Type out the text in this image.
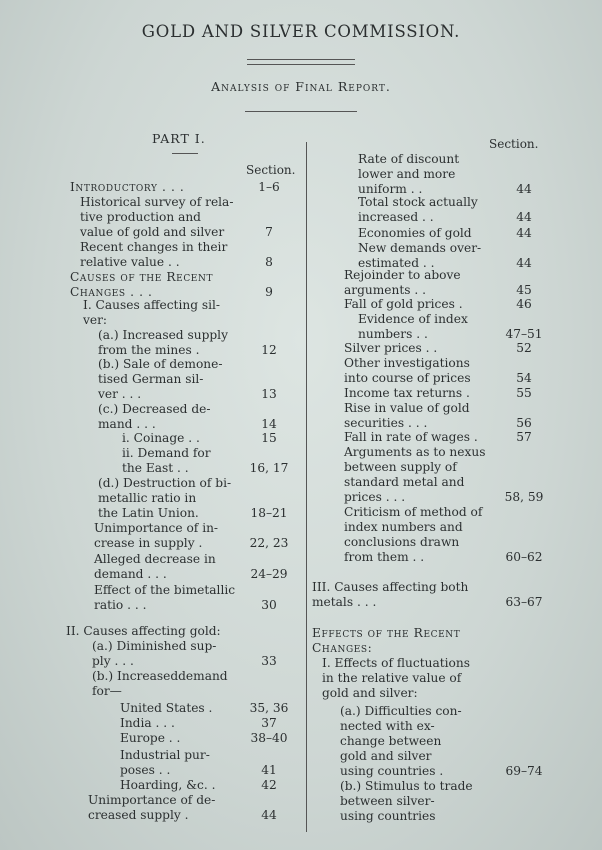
GOLD AND SILVER COMMISSION.
Analysis of Final Report.
PART I.
Section.
Section.
Introductory . . .	1–6
Historical survey of rela-
tive production and
value of gold and silver	7
Recent changes in their
relative value . .	8
Causes of the Recent
Changes . . .	9
I. Causes affecting sil-
ver:
(a.) Increased supply
from the mines .	12
(b.) Sale of demone-
tised German sil-
ver . . .	13
(c.) Decreased de-
mand . . .	14
i. Coinage . .	15
ii. Demand for
the East . .	16, 17
(d.) Destruction of bi-
metallic ratio in
the Latin Union.	18–21
Unimportance of in-
crease in supply .	22, 23
Alleged decrease in
demand . . .	24–29
Effect of the bimetallic
ratio . . .	30
II. Causes affecting gold:
(a.) Diminished sup-
ply . . .	33
(b.) Increaseddemand
for—
United States .	35, 36
India . . .	37
Europe . .	38–40
Industrial pur-
poses . .	41
Hoarding, &c. .	42
Unimportance of de-
creased supply .	44
Rate of discount
lower and more
uniform . .	44
Total stock actually
increased . .	44
Economies of gold	44
New demands over-
estimated . .	44
Rejoinder to above
arguments . .	45
Fall of gold prices .	46
Evidence of index
numbers . .	47–51
Silver prices . .	52
Other investigations
into course of prices	54
Income tax returns .	55
Rise in value of gold
securities . . .	56
Fall in rate of wages .	57
Arguments as to nexus
between supply of
standard metal and
prices . . .	58, 59
Criticism of method of
index numbers and
conclusions drawn
from them . .	60–62
III. Causes affecting both
metals . . .	63–67
Effects of the Recent
Changes:
I. Effects of fluctuations
in the relative value of
gold and silver:
(a.) Difficulties con-
nected with ex-
change between
gold and silver
using countries .	69–74
(b.) Stimulus to trade
between silver-
using countries
